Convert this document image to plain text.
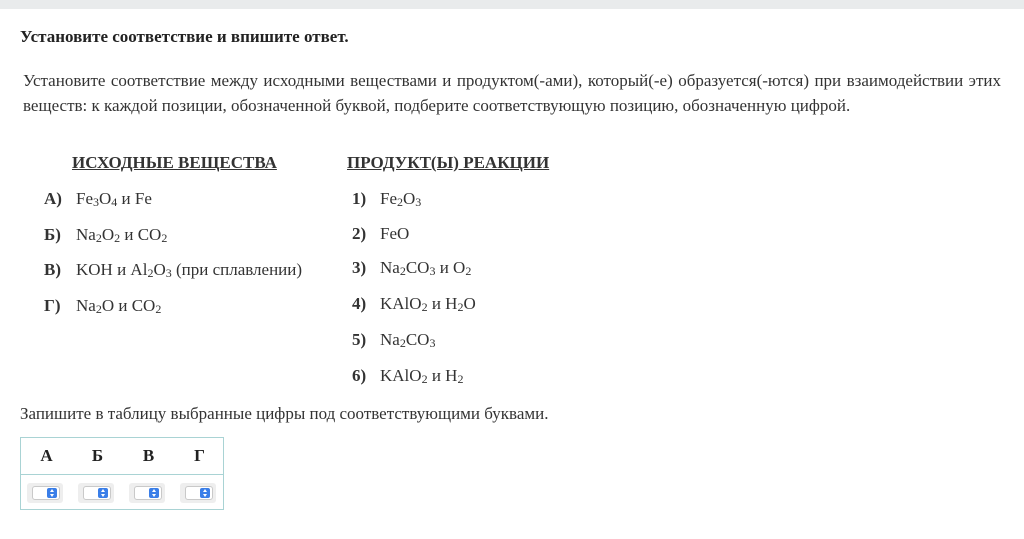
Установите соответствие и впишите ответ.
Установите соответствие между исходными веществами и продуктом(-ами), который(-е) образуется(-ются) при взаимодействии этих веществ: к каждой позиции, обозначенной буквой, подберите соответствующую позицию, обозначенную цифрой.
ИСХОДНЫЕ ВЕЩЕСТВА	ПРОДУКТ(Ы) РЕАКЦИИ
А) $Fe_3O_4$ и Fe
Б) $Na_2O_2$ и $CO_2$
В) KOH и $Al_2O_3$ (при сплавлении)
Г) $Na_2O$ и $CO_2$
1) $Fe_2O_3$
2) FeO
3) $Na_2CO_3$ и $O_2$
4) KAlO$_2$ и $H_2O$
5) $Na_2CO_3$
6) KAlO$_2$ и $H_2$
Запишите в таблицу выбранные цифры под соответствующими буквами.
А	Б	В	Г
